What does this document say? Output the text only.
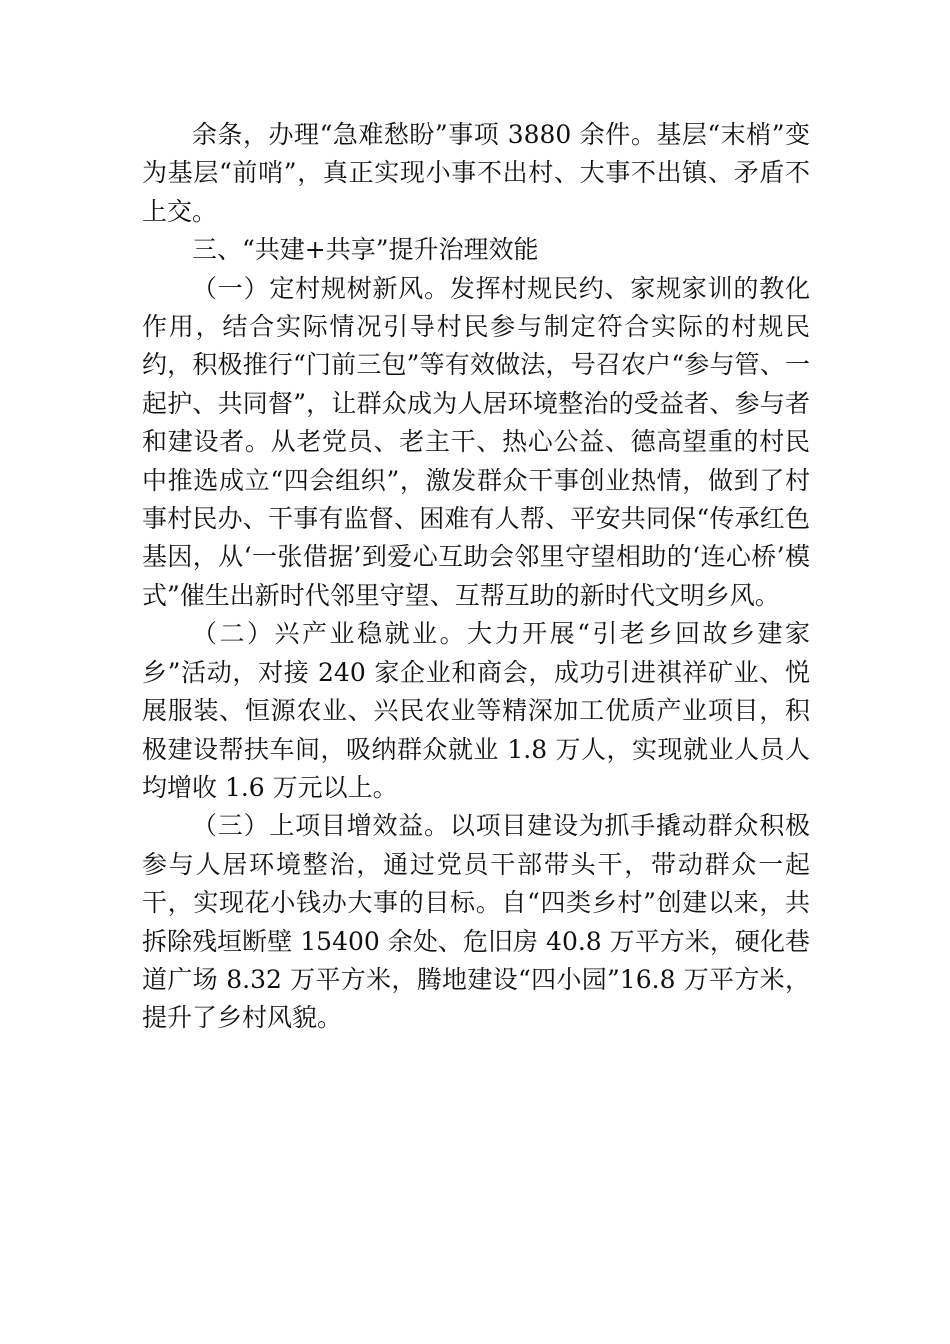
余条，办理“急难愁盼”事项 3880 余件。基层“末梢”变为基层“前哨”，真正实现小事不出村、大事不出镇、矛盾不上交。

三、“共建+共享”提升治理效能

（一）定村规树新风。发挥村规民约、家规家训的教化作用，结合实际情况引导村民参与制定符合实际的村规民约，积极推行“门前三包”等有效做法，号召农户“参与管、一起护、共同督”，让群众成为人居环境整治的受益者、参与者和建设者。从老党员、老主干、热心公益、德高望重的村民中推选成立“四会组织”，激发群众干事创业热情，做到了村事村民办、干事有监督、困难有人帮、平安共同保“传承红色基因，从‘一张借据’到爱心互助会邻里守望相助的‘连心桥’模式”催生出新时代邻里守望、互帮互助的新时代文明乡风。

（二）兴产业稳就业。大力开展“引老乡回故乡建家乡”活动，对接 240 家企业和商会，成功引进祺祥矿业、悦展服装、恒源农业、兴民农业等精深加工优质产业项目，积极建设帮扶车间，吸纳群众就业 1.8 万人，实现就业人员人均增收 1.6 万元以上。

（三）上项目增效益。以项目建设为抓手撬动群众积极参与人居环境整治，通过党员干部带头干，带动群众一起干，实现花小钱办大事的目标。自“四类乡村”创建以来，共拆除残垣断壁 15400 余处、危旧房 40.8 万平方米，硬化巷道广场 8.32 万平方米，腾地建设“四小园”16.8 万平方米，提升了乡村风貌。
